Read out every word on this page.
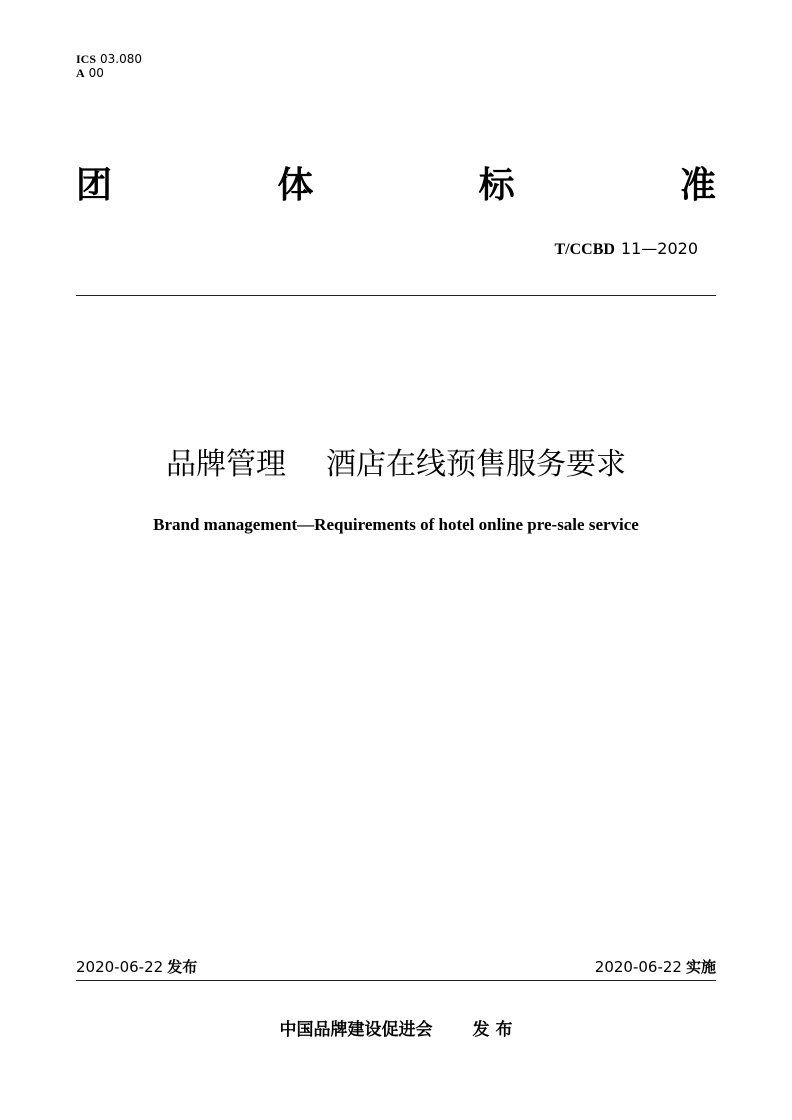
ICS 03.080
A 00
团	体	标	准
T/CCBD 11—2020
品牌管理 酒店在线预售服务要求
Brand management—Requirements of hotel online pre-sale service
2020-06-22 发布	2020-06-22 实施
中国品牌建设促进会 发 布
